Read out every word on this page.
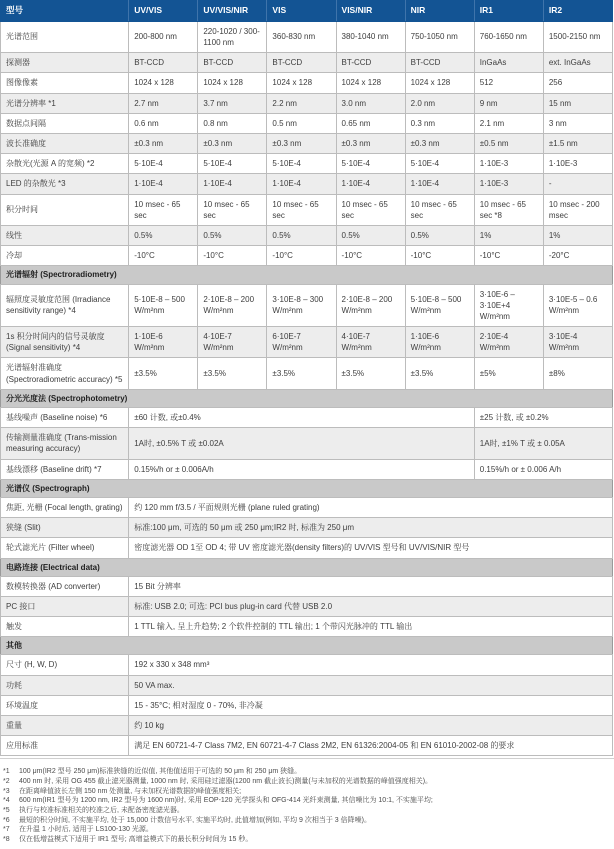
型号	UV/VIS	UV/VIS/NIR	VIS	VIS/NIR	NIR	IR1	IR2
光谱范围	200-800 nm	220-1020 / 300-1100 nm	360-830 nm	380-1040 nm	750-1050 nm	760-1650 nm	1500-2150 nm
探测器	BT-CCD	BT-CCD	BT-CCD	BT-CCD	BT-CCD	InGaAs	ext. InGaAs
图像像素	1024 x 128	1024 x 128	1024 x 128	1024 x 128	1024 x 128	512	256
光谱分辨率 *1	2.7 nm	3.7 nm	2.2 nm	3.0 nm	2.0 nm	9 nm	15 nm
数据点间隔	0.6 nm	0.8 nm	0.5 nm	0.65 nm	0.3 nm	2.1 nm	3 nm
波长准确度	±0.3 nm	±0.3 nm	±0.3 nm	±0.3 nm	±0.3 nm	±0.5 nm	±1.5 nm
杂散光(光源 A 的宽频) *2	5·10E-4	5·10E-4	5·10E-4	5·10E-4	5·10E-4	1·10E-3	1·10E-3
LED 的杂散光 *3	1·10E-4	1·10E-4	1·10E-4	1·10E-4	1·10E-4	1·10E-3	-
积分时间	10 msec - 65 sec	10 msec - 65 sec	10 msec - 65 sec	10 msec - 65 sec	10 msec - 65 sec	10 msec - 65 sec *8	10 msec - 200 msec
线性	0.5%	0.5%	0.5%	0.5%	0.5%	1%	1%
冷却	-10°C	-10°C	-10°C	-10°C	-10°C	-10°C	-20°C
光谱辐射 (Spectroradiometry)							
辐照度灵敏度范围 (Irradiance sensitivity range) *4	5·10E-8 – 500 W/m²nm	2·10E-8 – 200 W/m²nm	3·10E-8 – 300 W/m²nm	2·10E-8 – 200 W/m²nm	5·10E-8 – 500 W/m²nm	3·10E-6 – 3·10E+4 W/m²nm	3·10E-5 – 0.6 W/m²nm
1s 积分时间内的信号灵敏度 (Signal sensitivity) *4	1·10E-6 W/m²nm	4·10E-7 W/m²nm	6·10E-7 W/m²nm	4·10E-7 W/m²nm	1·10E-6 W/m²nm	2·10E-4 W/m²nm	3·10E-4 W/m²nm
光谱辐射准确度 (Spectroradiometric accuracy) *5	±3.5%	±3.5%	±3.5%	±3.5%	±3.5%	±5%	±8%
分光光度法 (Spectrophotometry)							
基线噪声 (Baseline noise) *6	±60 计数, 或±0.4%					±25 计数, 或 ±0.2%	
传输测量准确度 (Trans-mission measuring accuracy)	1A时, ±0.5% T 或 ±0.02A					1A时, ±1% T 或 ± 0.05A	
基线漂移 (Baseline drift) *7	0.15%/h or ± 0.006A/h					0.15%/h or ± 0.006 A/h	
光谱仪 (Spectrograph)							
焦距, 光栅 (Focal length, grating)	约 120 mm f/3.5 / 平面规则光栅 (plane ruled grating)						
狭缝 (Slit)	标准:100 μm, 可选的 50 μm 或 250 μm;IR2 时, 标准为 250 μm						
轮式滤光片 (Filter wheel)	密度滤光器 OD 1至 OD 4; 带 UV 密度滤光器(density filters)的 UV/VIS 型号和 UV/VIS/NIR 型号						
电路连接 (Electrical data)							
数模转换器 (AD converter)	15 Bit 分辨率						
PC 接口	标准: USB 2.0; 可选: PCI bus plug-in card 代替 USB 2.0						
触发	1 TTL 输入, 呈上升趋势; 2 个软件控制的 TTL 输出; 1 个带闪光脉冲的 TTL 输出						
其他							
尺寸 (H, W, D)	192 x 330 x 348 mm³						
功耗	50 VA max.						
环境温度	15 - 35°C; 相对湿度 0 - 70%, 非冷凝						
重量	约 10 kg						
应用标准	满足 EN 60721-4-7 Class 7M2, EN 60721-4-7 Class 2M2, EN 61326:2004-05 和 EN 61010-2002-08 的要求						
*1	100 μm(IR2 型号 250 μm)标准狭缝的近似值, 其他值适用于可选的 50 μm 和 250 μm 狭缝。
*2	400 nm 时, 采用 OG 455 截止滤光器测量, 1000 nm 时, 采用硅过滤器(1200 nm 截止波长)测量(与未加权的光谱数据的峰值强度相关)。
*3	在距离峰值波长左侧 150 nm 处测量, 与未加权光谱数据的峰值强度相关;
*4	600 nm(IR1 型号为 1200 nm, IR2 型号为 1600 nm)时, 采用 EOP-120 光学探头和 OFG-414 光纤束测量, 其信噪比为 10:1, 不实施平均;
*5	执行与校准标准相关的校准之后, 未配备密度滤光器。
*6	最短的积分时间, 不实施平均, 处于 15,000 计数信号水平, 实施平均时, 此值增加(例如, 平均 9 次相当于 3 倍降噪)。
*7	在升温 1 小时后, 适用于 LS100-130 光源。
*8	仅在低增益模式下适用于 IR1 型号; 高增益模式下的最长积分时间为 15 秒。
